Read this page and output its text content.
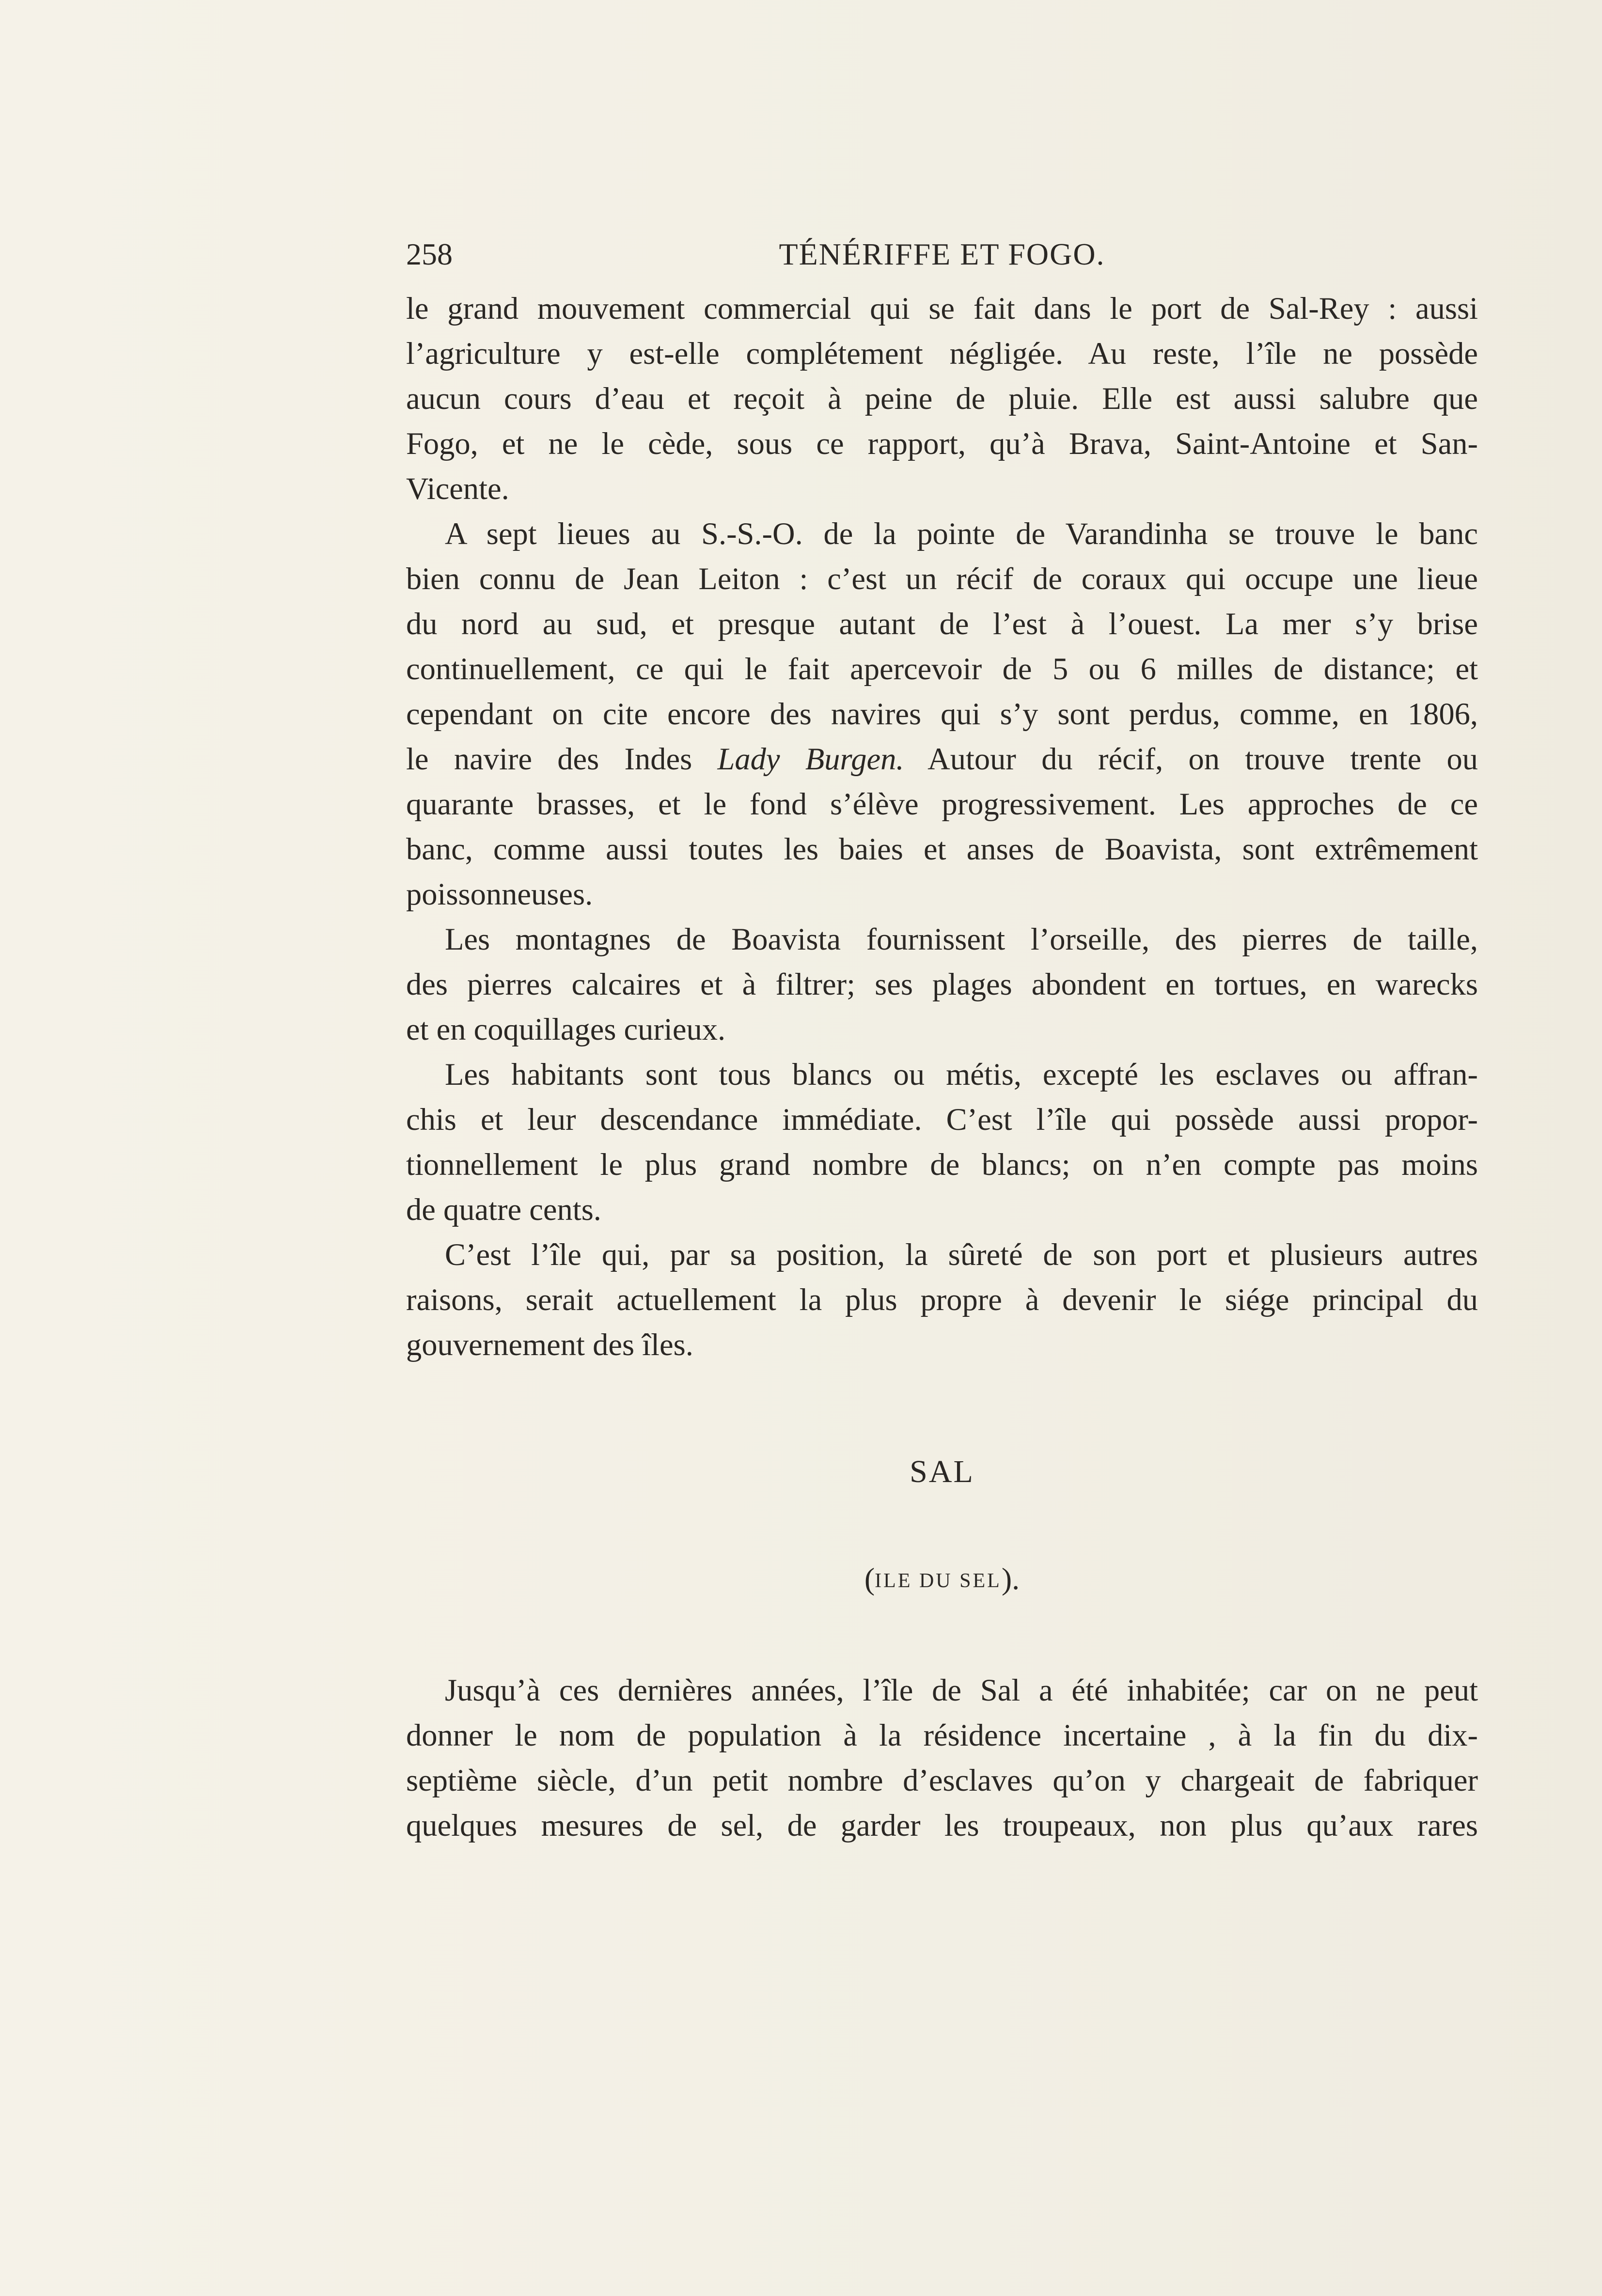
258	TÉNÉRIFFE ET FOGO.
le grand mouvement commercial qui se fait dans le port de Sal-Rey : aussi
l’agriculture y est-elle complétement négligée. Au reste, l’île ne possède
aucun cours d’eau et reçoit à peine de pluie. Elle est aussi salubre que
Fogo, et ne le cède, sous ce rapport, qu’à Brava, Saint-Antoine et San-
Vicente.
A sept lieues au S.-S.-O. de la pointe de Varandinha se trouve le banc
bien connu de Jean Leiton : c’est un récif de coraux qui occupe une lieue
du nord au sud, et presque autant de l’est à l’ouest. La mer s’y brise
continuellement, ce qui le fait apercevoir de 5 ou 6 milles de distance; et
cependant on cite encore des navires qui s’y sont perdus, comme, en 1806,
le navire des Indes Lady Burgen. Autour du récif, on trouve trente ou
quarante brasses, et le fond s’élève progressivement. Les approches de ce
banc, comme aussi toutes les baies et anses de Boavista, sont extrêmement
poissonneuses.
Les montagnes de Boavista fournissent l’orseille, des pierres de taille,
des pierres calcaires et à filtrer; ses plages abondent en tortues, en warecks
et en coquillages curieux.
Les habitants sont tous blancs ou métis, excepté les esclaves ou affran-
chis et leur descendance immédiate. C’est l’île qui possède aussi propor-
tionnellement le plus grand nombre de blancs; on n’en compte pas moins
de quatre cents.
C’est l’île qui, par sa position, la sûreté de son port et plusieurs autres
raisons, serait actuellement la plus propre à devenir le siége principal du
gouvernement des îles.
SAL
(ILE DU SEL).
Jusqu’à ces dernières années, l’île de Sal a été inhabitée; car on ne peut
donner le nom de population à la résidence incertaine , à la fin du dix-
septième siècle, d’un petit nombre d’esclaves qu’on y chargeait de fabriquer
quelques mesures de sel, de garder les troupeaux, non plus qu’aux rares
